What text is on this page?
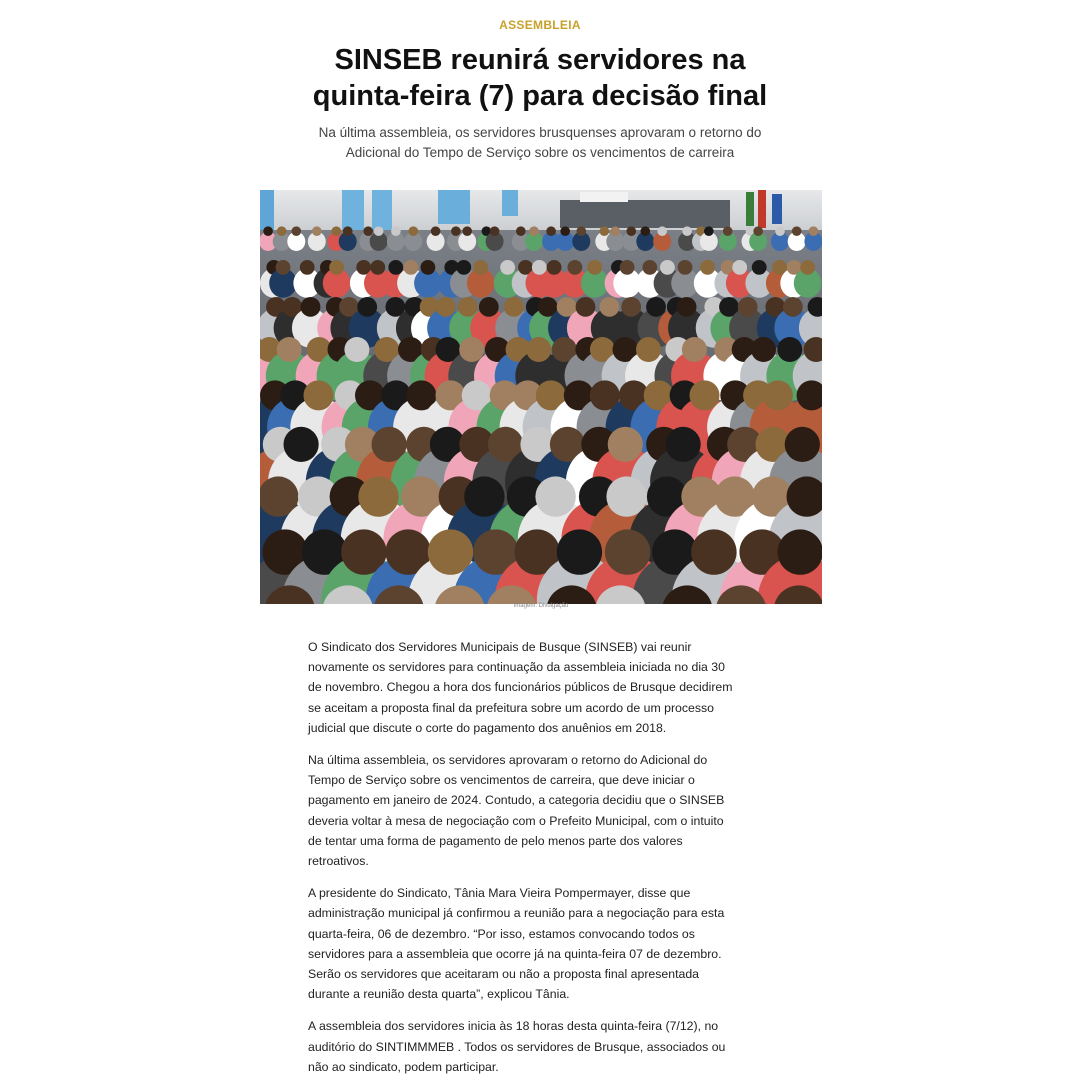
ASSEMBLEIA
SINSEB reunirá servidores na quinta-feira (7) para decisão final

Na última assembleia, os servidores brusquenses aprovaram o retorno do Adicional do Tempo de Serviço sobre os vencimentos de carreira

Imagem: Divulgação

O Sindicato dos Servidores Municipais de Busque (SINSEB) vai reunir novamente os servidores para continuação da assembleia iniciada no dia 30 de novembro. Chegou a hora dos funcionários públicos de Brusque decidirem se aceitam a proposta final da prefeitura sobre um acordo de um processo judicial que discute o corte do pagamento dos anuênios em 2018.

Na última assembleia, os servidores aprovaram o retorno do Adicional do Tempo de Serviço sobre os vencimentos de carreira, que deve iniciar o pagamento em janeiro de 2024. Contudo, a categoria decidiu que o SINSEB deveria voltar à mesa de negociação com o Prefeito Municipal, com o intuito de tentar uma forma de pagamento de pelo menos parte dos valores retroativos.

A presidente do Sindicato, Tânia Mara Vieira Pompermayer, disse que administração municipal já confirmou a reunião para a negociação para esta quarta-feira, 06 de dezembro. “Por isso, estamos convocando todos os servidores para a assembleia que ocorre já na quinta-feira 07 de dezembro. Serão os servidores que aceitaram ou não a proposta final apresentada durante a reunião desta quarta”, explicou Tânia.

A assembleia dos servidores inicia às 18 horas desta quinta-feira (7/12), no auditório do SINTIMMMEB . Todos os servidores de Brusque, associados ou não ao sindicato, podem participar.
